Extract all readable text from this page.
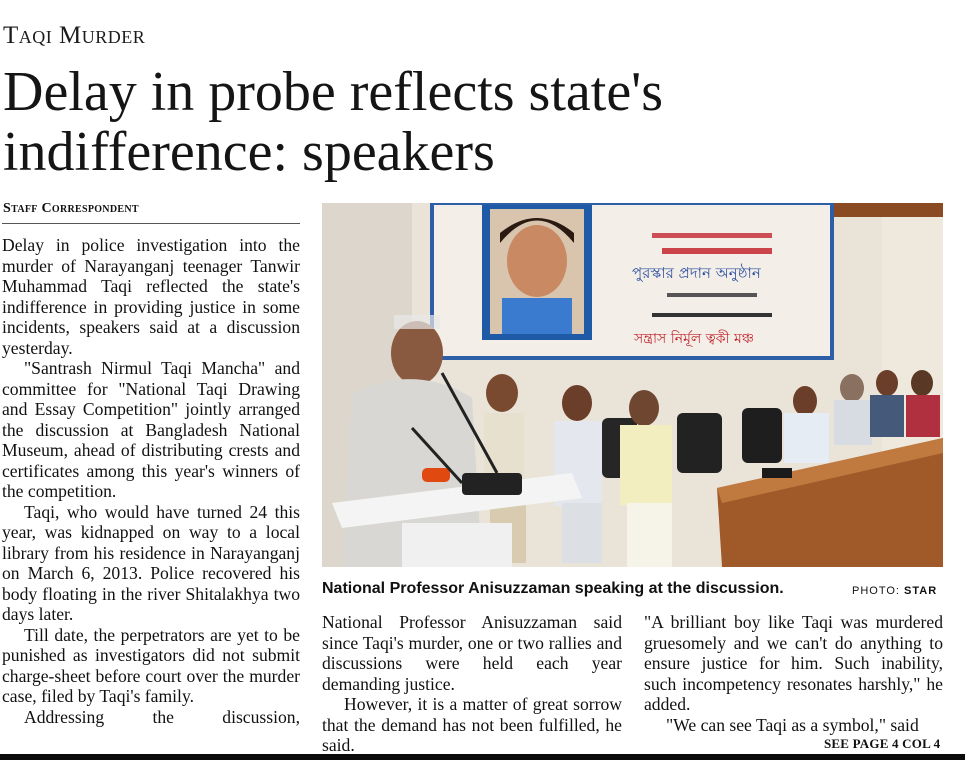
Taqi Murder
Delay in probe reflects state's indifference: speakers
Staff Correspondent

Delay in police investigation into the murder of Narayanganj teenager Tanwir Muhammad Taqi reflected the state's indifference in providing justice in some incidents, speakers said at a discussion yesterday.

"Santrash Nirmul Taqi Mancha" and committee for "National Taqi Drawing and Essay Competition" jointly arranged the discussion at Bangladesh National Museum, ahead of distributing crests and certificates among this year's winners of the competition.

Taqi, who would have turned 24 this year, was kidnapped on way to a local library from his residence in Narayanganj on March 6, 2013. Police recovered his body floating in the river Shitalakhya two days later.

Till date, the perpetrators are yet to be punished as investigators did not submit charge-sheet before court over the murder case, filed by Taqi's family.

Addressing the discussion,

পুরস্কার প্রদান অনুষ্ঠান
সন্ত্রাস নির্মূল ত্বকী মঞ্চ
National Professor Anisuzzaman speaking at the discussion.	PHOTO: STAR

National Professor Anisuzzaman said since Taqi's murder, one or two rallies and discussions were held each year demanding justice.

However, it is a matter of great sorrow that the demand has not been fulfilled, he said.

"A brilliant boy like Taqi was murdered gruesomely and we can't do anything to ensure justice for him. Such inability, such incompetency resonates harshly," he added.

"We can see Taqi as a symbol," said

SEE PAGE 4 COL 4
